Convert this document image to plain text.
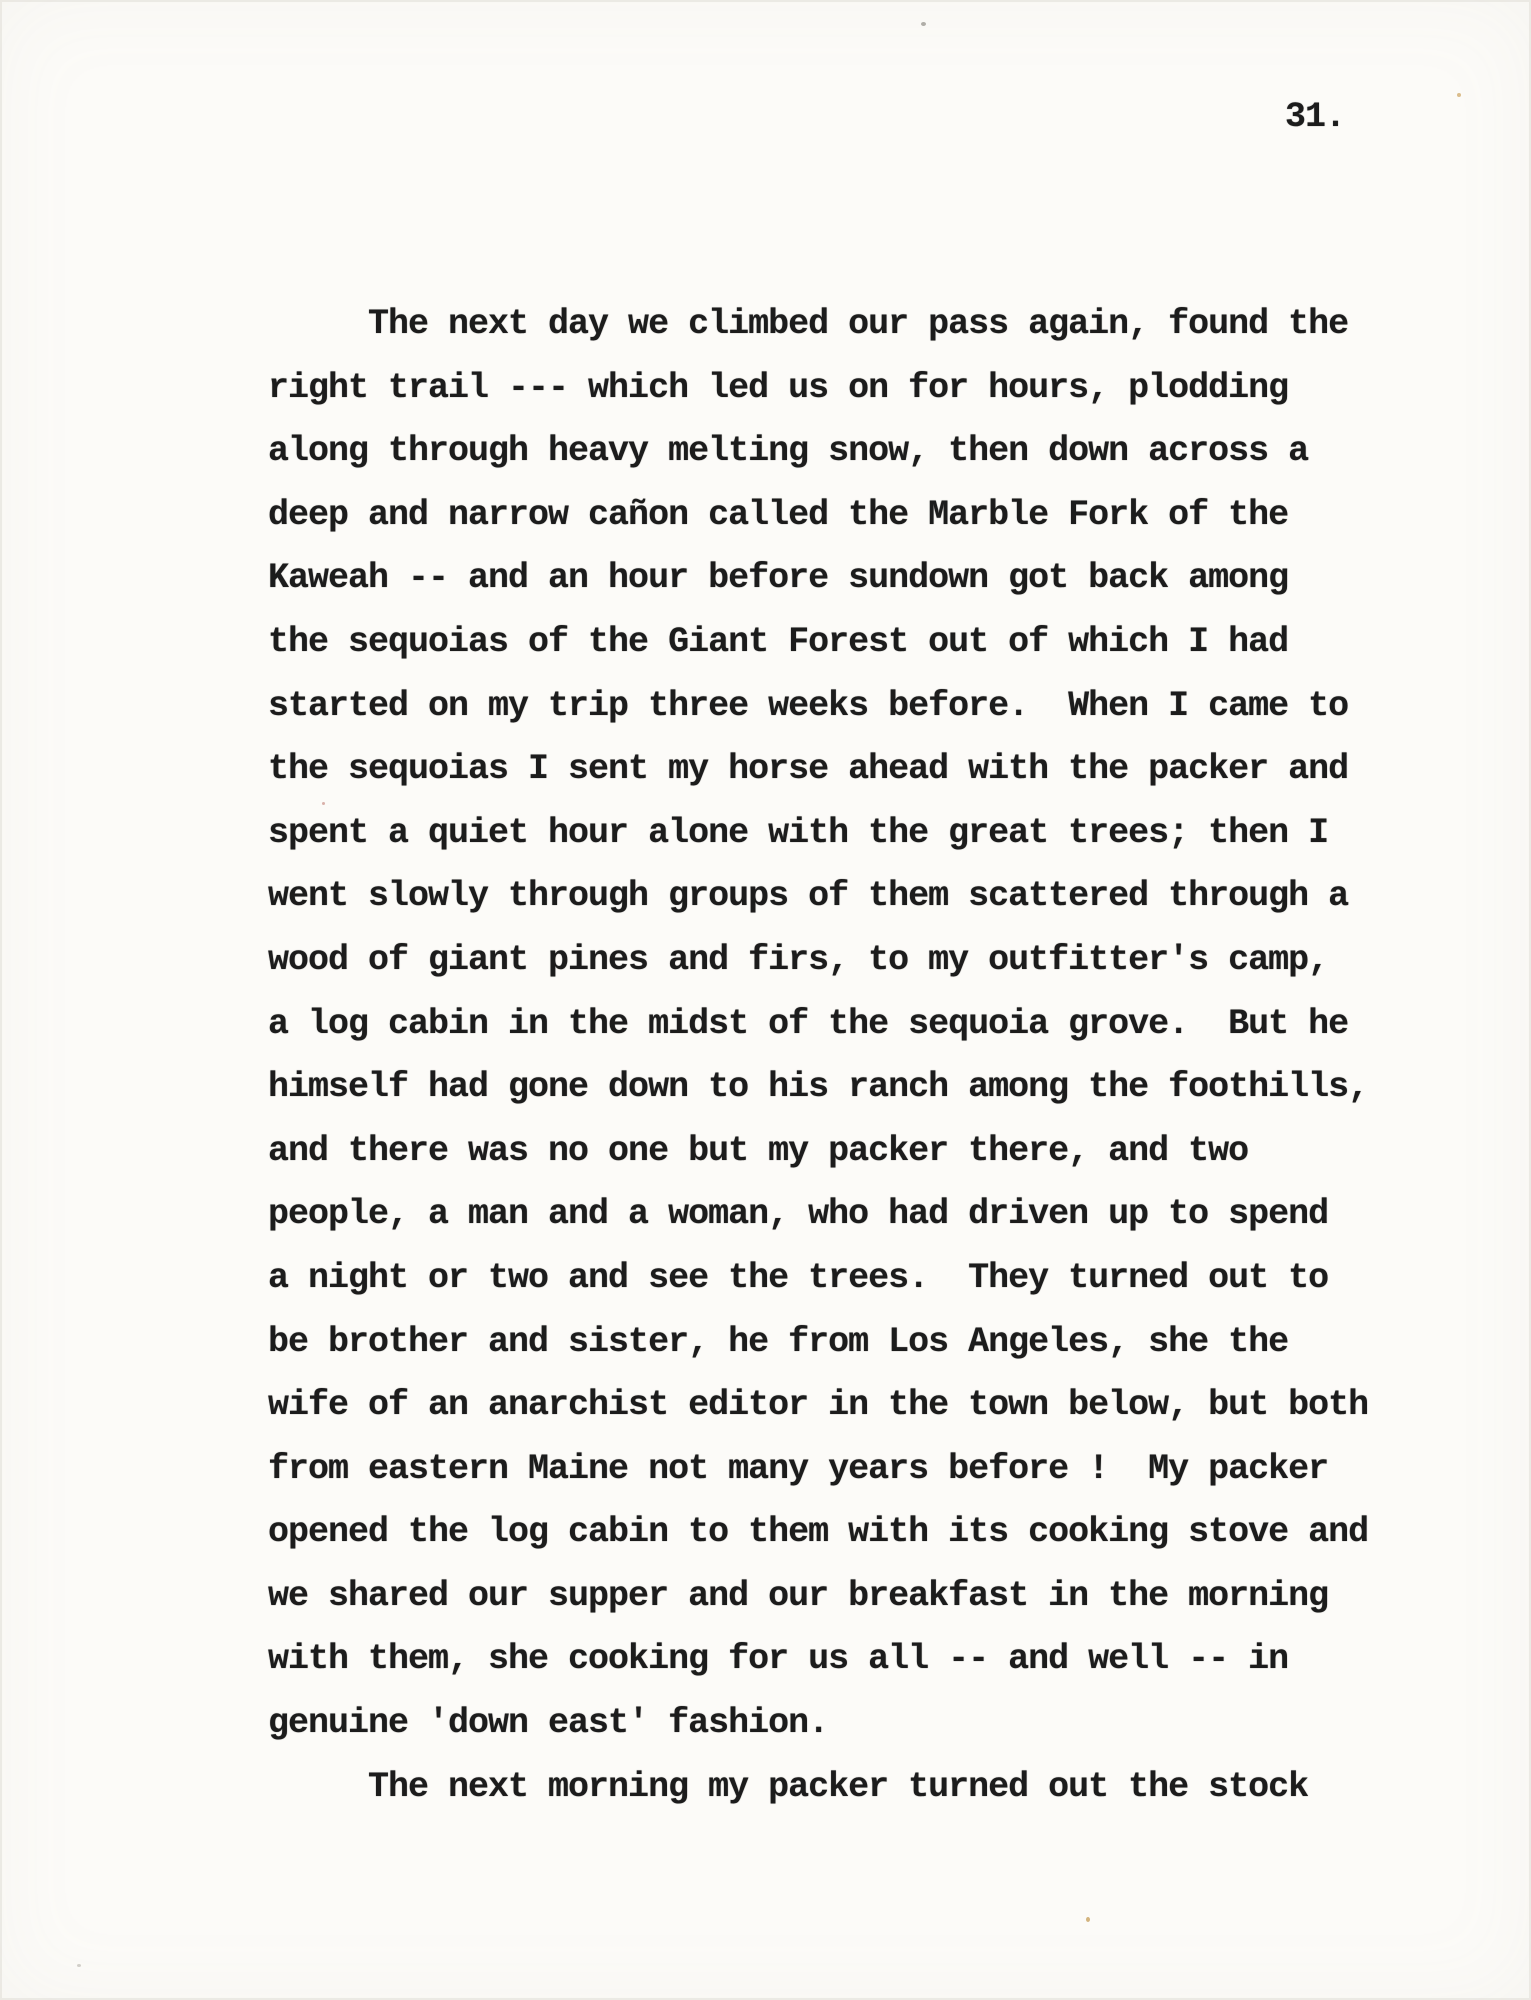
31.
The next day we climbed our pass again, found the
right trail --- which led us on for hours, plodding
along through heavy melting snow, then down across a
deep and narrow cañon called the Marble Fork of the
Kaweah -- and an hour before sundown got back among
the sequoias of the Giant Forest out of which I had
started on my trip three weeks before.  When I came to
the sequoias I sent my horse ahead with the packer and
spent a quiet hour alone with the great trees; then I
went slowly through groups of them scattered through a
wood of giant pines and firs, to my outfitter's camp,
a log cabin in the midst of the sequoia grove.  But he
himself had gone down to his ranch among the foothills,
and there was no one but my packer there, and two
people, a man and a woman, who had driven up to spend
a night or two and see the trees.  They turned out to
be brother and sister, he from Los Angeles, she the
wife of an anarchist editor in the town below, but both
from eastern Maine not many years before !  My packer
opened the log cabin to them with its cooking stove and
we shared our supper and our breakfast in the morning
with them, she cooking for us all -- and well -- in
genuine 'down east' fashion.
The next morning my packer turned out the stock
